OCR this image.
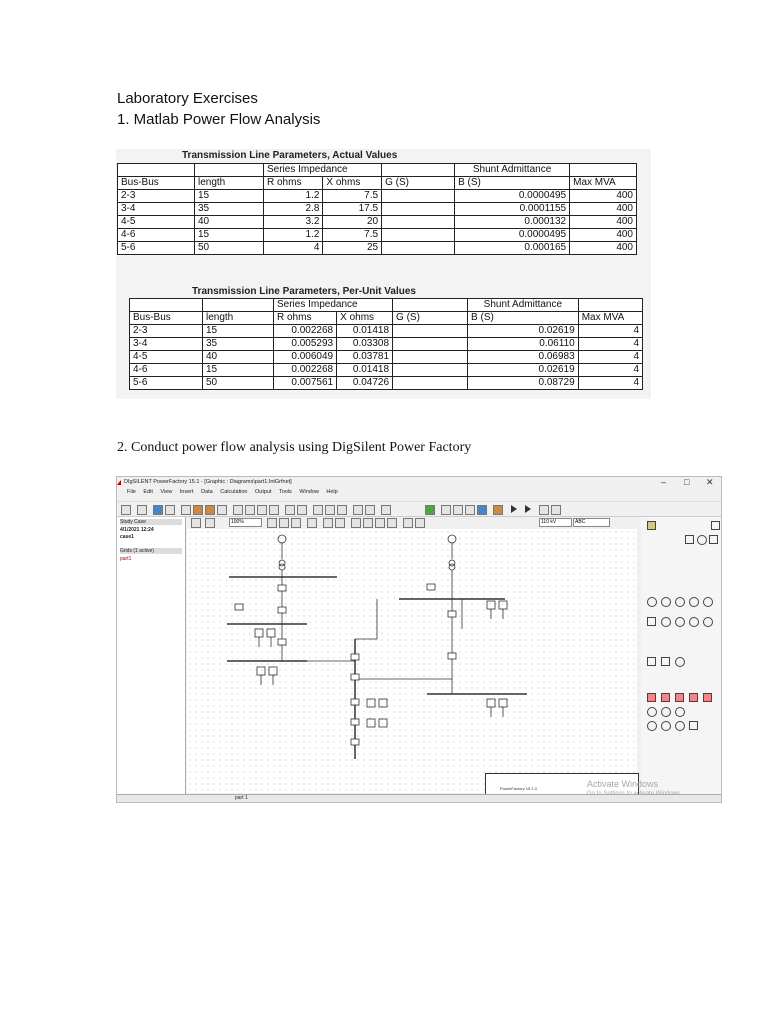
Laboratory Exercises
1. Matlab Power Flow Analysis
Transmission Line Parameters, Actual Values
		Series Impedance			Shunt Admittance	
Bus-Bus	length	R ohms	X ohms	G (S)	B (S)	Max MVA
2-3	15	1.2	7.5		0.0000495	400
3-4	35	2.8	17.5		0.0001155	400
4-5	40	3.2	20		0.000132	400
4-6	15	1.2	7.5		0.0000495	400
5-6	50	4	25		0.000165	400
Transmission Line Parameters, Per-Unit Values
		Series Impedance			Shunt Admittance	
Bus-Bus	length	R ohms	X ohms	G (S)	B (S)	Max MVA
2-3	15	0.002268	0.01418		0.02619	4
3-4	35	0.005293	0.03308		0.06110	4
4-5	40	0.006049	0.03781		0.06983	4
4-6	15	0.002268	0.01418		0.02619	4
5-6	50	0.007561	0.04726		0.08729	4
2. Conduct power flow analysis using DigSilent Power Factory
DIgSILENT PowerFactory 15.1 - [Graphic : Diagrams\part1.IntGrfnet]	– □ ✕
File Edit View Insert Data Calculation Output Tools Window Help
Study Case
4/1/2021 12:24
case1
Grids (1 active)
part1
100%	110 kV	ABC
PowerFactory 15.1.0	Activate Windows
part 1
